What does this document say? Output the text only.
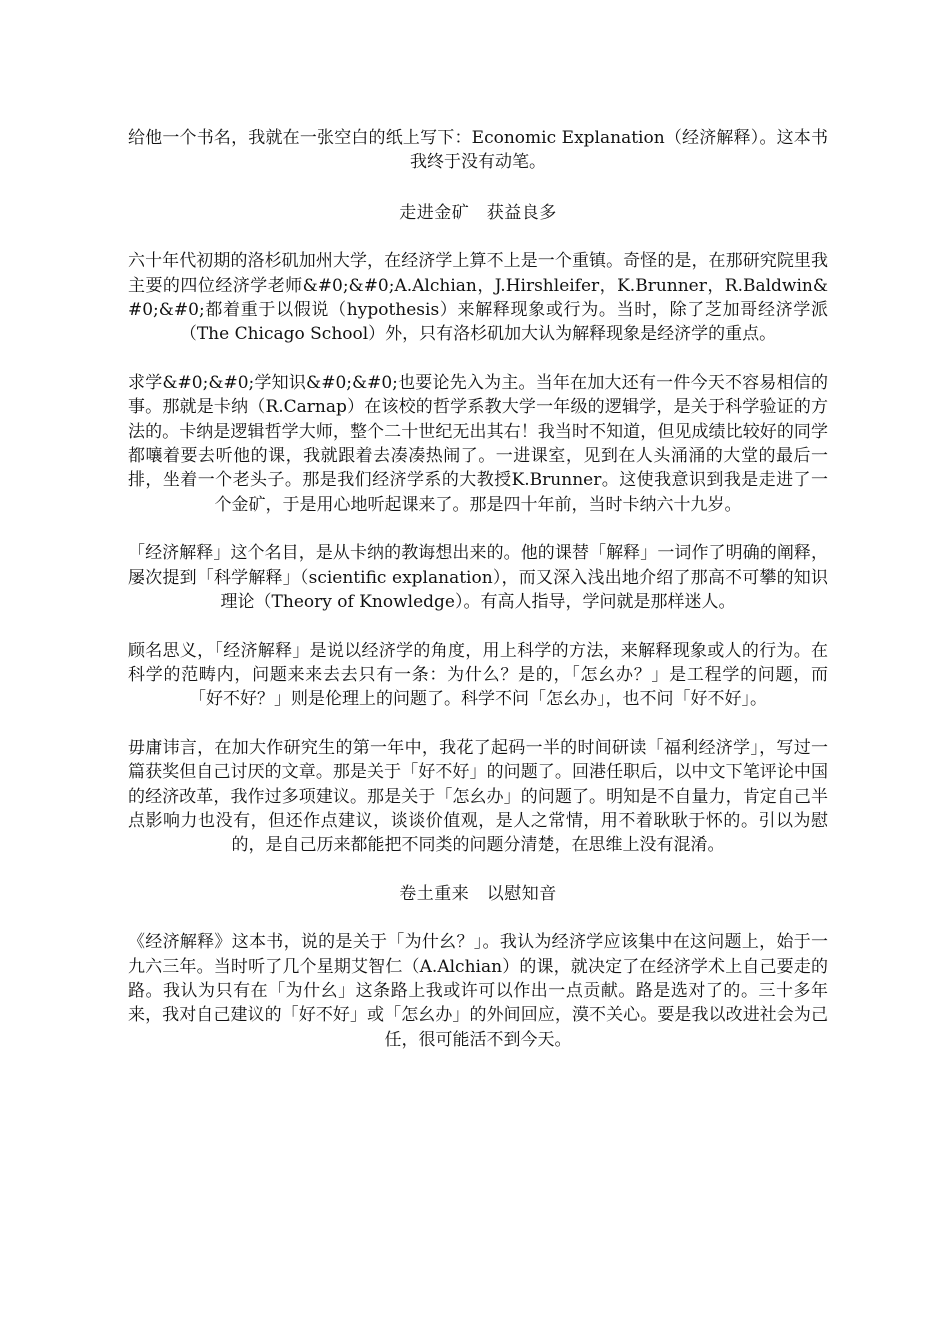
给他一个书名，我就在一张空白的纸上写下：Economic Explanation（经济解释）。这本书我终于没有动笔。

走进金矿　获益良多

六十年代初期的洛杉矶加州大学，在经济学上算不上是一个重镇。奇怪的是，在那研究院里我主要的四位经济学老师&#0;&#0;A.Alchian，J.Hirshleifer，K.Brunner，R.Baldwin&#0;&#0;都着重于以假说（hypothesis）来解释现象或行为。当时，除了芝加哥经济学派（The Chicago School）外，只有洛杉矶加大认为解释现象是经济学的重点。

求学&#0;&#0;学知识&#0;&#0;也要论先入为主。当年在加大还有一件今天不容易相信的事。那就是卡纳（R.Carnap）在该校的哲学系教大学一年级的逻辑学，是关于科学验证的方法的。卡纳是逻辑哲学大师，整个二十世纪无出其右！我当时不知道，但见成绩比较好的同学都嚷着要去听他的课，我就跟着去凑凑热闹了。一进课室，见到在人头涌涌的大堂的最后一排，坐着一个老头子。那是我们经济学系的大教授K.Brunner。这使我意识到我是走进了一个金矿，于是用心地听起课来了。那是四十年前，当时卡纳六十九岁。

「经济解释」这个名目，是从卡纳的教诲想出来的。他的课替「解释」一词作了明确的阐释，屡次提到「科学解释」（scientific explanation），而又深入浅出地介绍了那高不可攀的知识理论（Theory of Knowledge）。有高人指导，学问就是那样迷人。

顾名思义，「经济解释」是说以经济学的角度，用上科学的方法，来解释现象或人的行为。在科学的范畴内，问题来来去去只有一条：为什么？是的，「怎幺办？」是工程学的问题，而「好不好？」则是伦理上的问题了。科学不问「怎幺办」，也不问「好不好」。

毋庸讳言，在加大作研究生的第一年中，我花了起码一半的时间研读「福利经济学」，写过一篇获奖但自己讨厌的文章。那是关于「好不好」的问题了。回港任职后，以中文下笔评论中国的经济改革，我作过多项建议。那是关于「怎幺办」的问题了。明知是不自量力，肯定自己半点影响力也没有，但还作点建议，谈谈价值观，是人之常情，用不着耿耿于怀的。引以为慰的，是自己历来都能把不同类的问题分清楚，在思维上没有混淆。

卷土重来　以慰知音

《经济解释》这本书，说的是关于「为什幺？」。我认为经济学应该集中在这问题上，始于一九六三年。当时听了几个星期艾智仁（A.Alchian）的课，就决定了在经济学术上自己要走的路。我认为只有在「为什幺」这条路上我或许可以作出一点贡献。路是选对了的。三十多年来，我对自己建议的「好不好」或「怎幺办」的外间回应，漠不关心。要是我以改进社会为己任，很可能活不到今天。
